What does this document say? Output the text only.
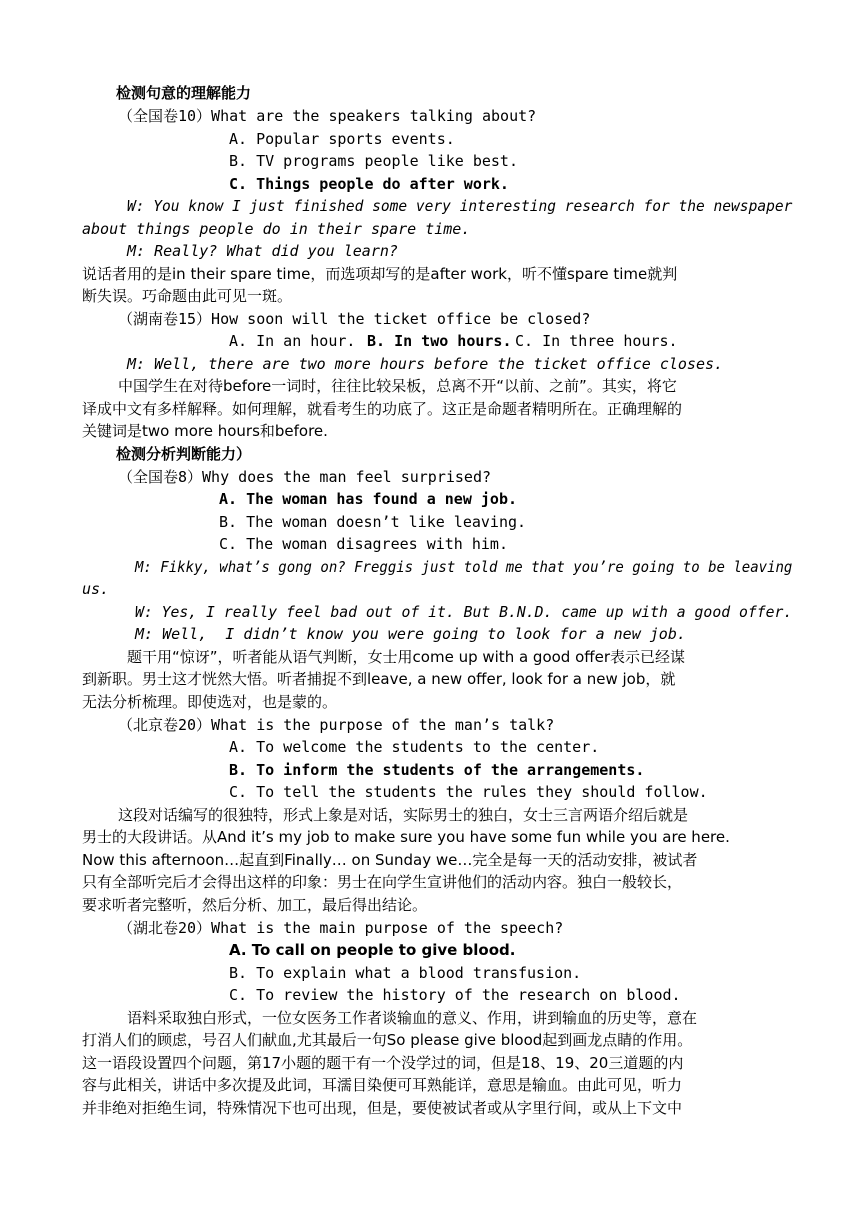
检测句意的理解能力
（全国卷10）What are the speakers talking about?
A. Popular sports events.
B. TV programs people like best.
C. Things people do after work.
W: You know I just finished some very interesting research for the newspaper
about things people do in their spare time.
M: Really? What did you learn?
说话者用的是in their spare time，而选项却写的是after work，听不懂spare time就判
断失误。巧命题由此可见一斑。
（湖南卷15）How soon will the ticket office be closed?
A. In an hour. B. In two hours. C. In three hours.
M: Well, there are two more hours before the ticket office closes.
中国学生在对待before一词时，往往比较呆板，总离不开“以前、之前”。其实，将它
译成中文有多样解释。如何理解，就看考生的功底了。这正是命题者精明所在。正确理解的
关键词是two more hours和before.
检测分析判断能力）
（全国卷8）Why does the man feel surprised?
A. The woman has found a new job.
B. The woman doesn’t like leaving.
C. The woman disagrees with him.
M: Fikky, what’s gong on? Freggis just told me that you’re going to be leaving
us.
W: Yes, I really feel bad out of it. But B.N.D. came up with a good offer.
M: Well,  I didn’t know you were going to look for a new job.
题干用“惊讶”，听者能从语气判断，女士用come up with a good offer表示已经谋
到新职。男士这才恍然大悟。听者捕捉不到leave, a new offer, look for a new job，就
无法分析梳理。即使选对，也是蒙的。
（北京卷20）What is the purpose of the man’s talk?
A. To welcome the students to the center.
B. To inform the students of the arrangements.
C. To tell the students the rules they should follow.
这段对话编写的很独特，形式上象是对话，实际男士的独白，女士三言两语介绍后就是
男士的大段讲话。从And it’s my job to make sure you have some fun while you are here.
Now this afternoon…起直到Finally… on Sunday we…完全是每一天的活动安排，被试者
只有全部听完后才会得出这样的印象：男士在向学生宣讲他们的活动内容。独白一般较长，
要求听者完整听，然后分析、加工，最后得出结论。
（湖北卷20）What is the main purpose of the speech?
A. To call on people to give blood.
B. To explain what a blood transfusion.
C. To review the history of the research on blood.
语料采取独白形式，一位女医务工作者谈输血的意义、作用，讲到输血的历史等，意在
打消人们的顾虑，号召人们献血,尤其最后一句So please give blood起到画龙点睛的作用。
这一语段设置四个问题，第17小题的题干有一个没学过的词，但是18、19、20三道题的内
容与此相关，讲话中多次提及此词，耳濡目染便可耳熟能详，意思是输血。由此可见，听力
并非绝对拒绝生词，特殊情况下也可出现，但是，要使被试者或从字里行间，或从上下文中
